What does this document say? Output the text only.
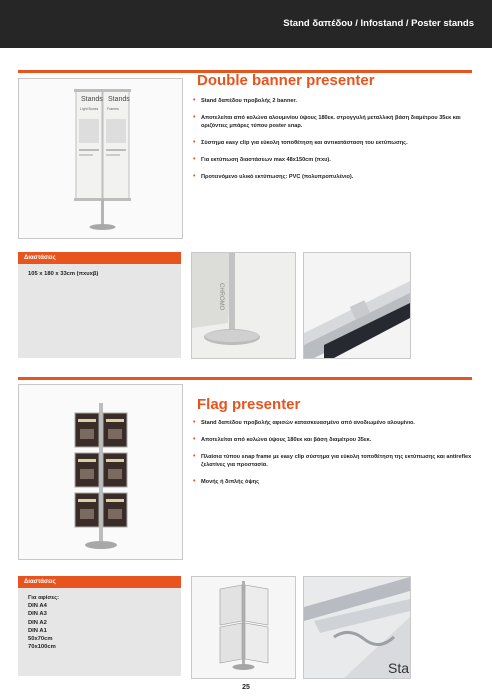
Stand δαπέδου / Infostand / Poster stands
Stands Stands
Light Boxes Frames
Double banner presenter
• Stand δαπέδου προβολής 2 banner.
• Αποτελείται από κολώνα αλουμινίου ύψους 180εκ. στρογγυλή μεταλλική βάση διαμέτρου 35εκ και οριζόντιες μπάρες τύπου poster snap.
• Σύστημα easy clip για εύκολη τοποθέτηση και αντικατάσταση του εκτύπωσης.
• Για εκτύπωση διαστάσεων max 48x150cm (πxυ).
• Προτεινόμενο υλικό εκτύπωσης: PVC (πολυπροπυλένιο).
Διαστάσεις
105 x 180 x 33cm (πxυxβ)
CHROMO
Flag presenter
• Stand δαπέδου προβολής αφισών κατασκευασμένο από ανοδιωμένο αλουμίνιο.
• Αποτελείται από κολώνα ύψους 180εκ και βάση διαμέτρου 35εκ.
• Πλαίσια τύπου snap frame με easy clip σύστημα για εύκολη τοποθέτηση της εκτύπωσης και antireflex ζελατίνες για προστασία.
• Μονής ή διπλής όψης
Διαστάσεις
Για αφίσες:
DIN A4
DIN A3
DIN A2
DIN A1
50x70cm
70x100cm
Sta
25
